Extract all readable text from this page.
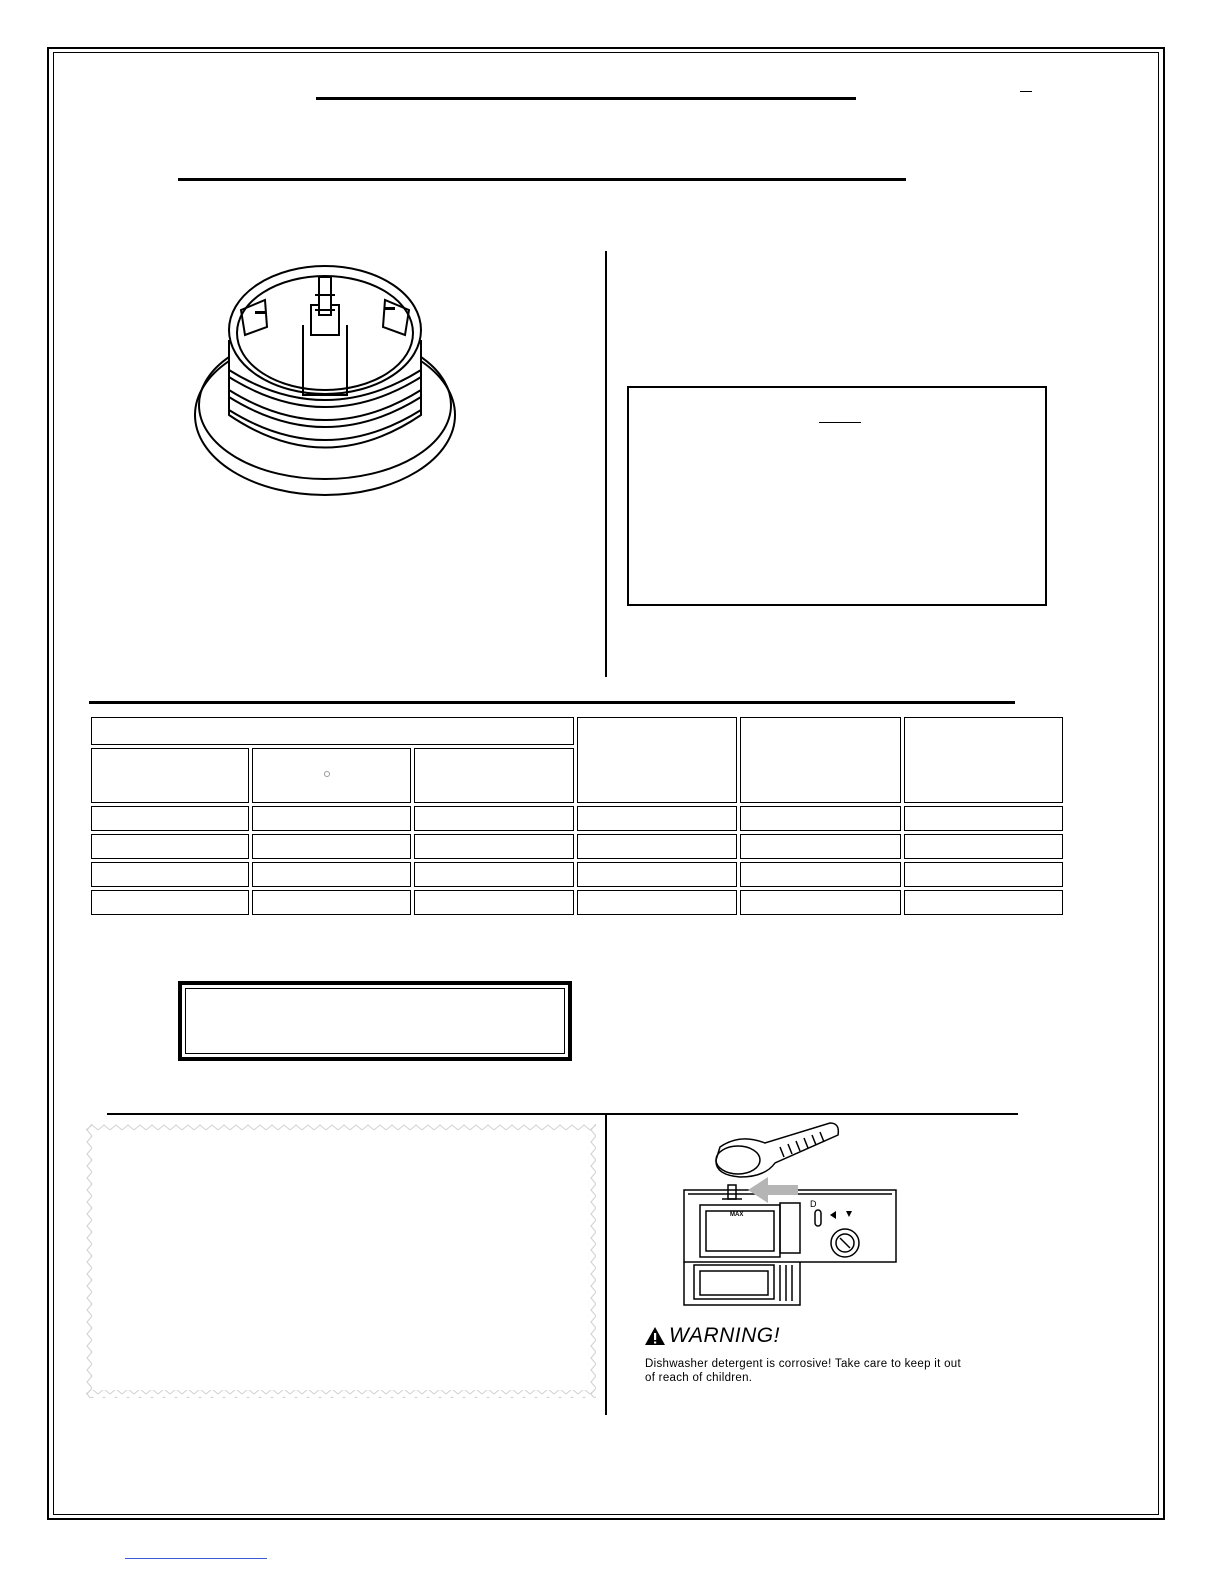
D
MAX
WARNING!
Dishwasher detergent is corrosive! Take care to keep it out
of reach of children.
